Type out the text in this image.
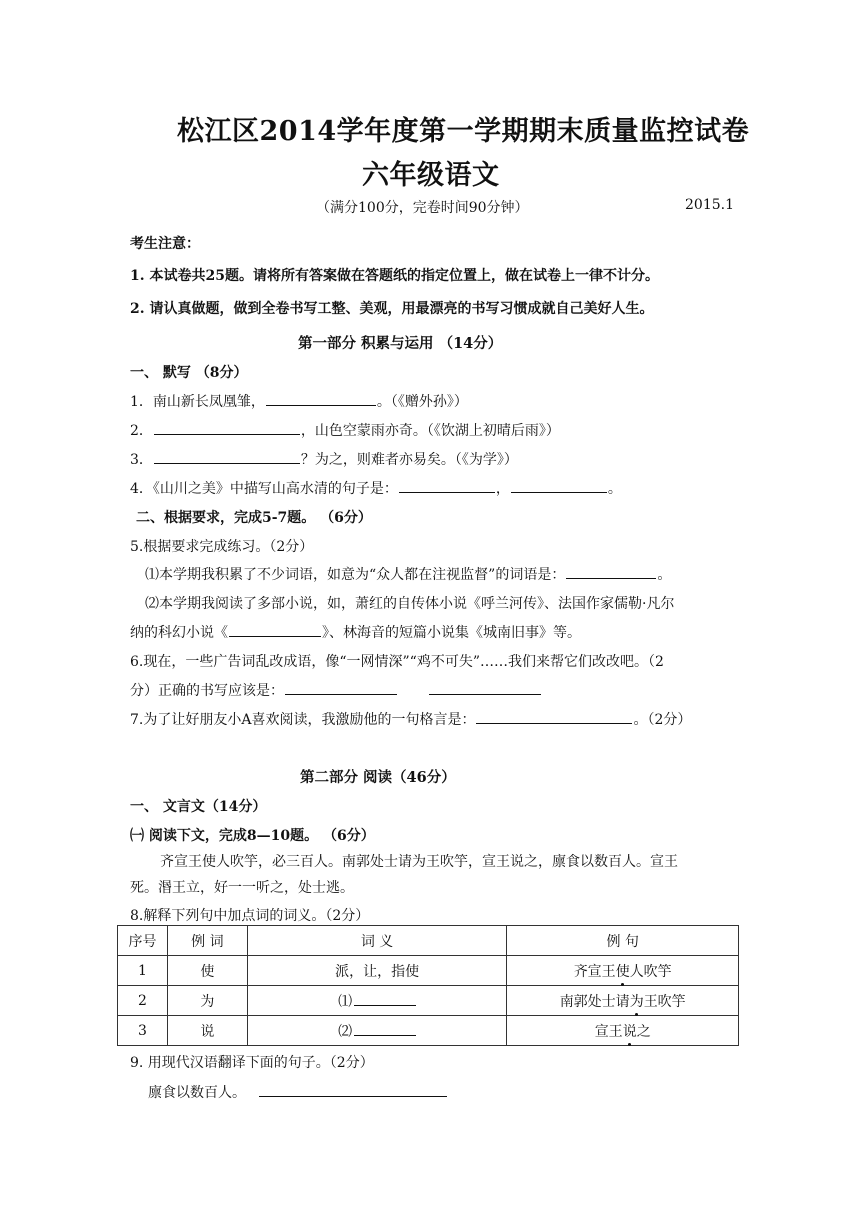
松江区2014学年度第一学期期末质量监控试卷
六年级语文
（满分100分，完卷时间90分钟）	2015.1
考生注意：
1. 本试卷共25题。请将所有答案做在答题纸的指定位置上，做在试卷上一律不计分。
2. 请认真做题，做到全卷书写工整、美观，用最漂亮的书写习惯成就自己美好人生。
第一部分 积累与运用 （14分）
一、 默写 （8分）
1．南山新长凤凰雏，	。（《赠外孙》）
2．	，山色空蒙雨亦奇。（《饮湖上初晴后雨》）
3．	？为之，则难者亦易矣。（《为学》）
4．《山川之美》中描写山高水清的句子是：	，	。
二、根据要求，完成5-7题。 （6分）
5.根据要求完成练习。（2分）
⑴本学期我积累了不少词语，如意为“众人都在注视监督”的词语是：	。
⑵本学期我阅读了多部小说，如，萧红的自传体小说《呼兰河传》、法国作家儒勒·凡尔
纳的科幻小说《	》、林海音的短篇小说集《城南旧事》等。
6.现在，一些广告词乱改成语，像“一网情深”“鸡不可失”……我们来帮它们改改吧。（2
分）正确的书写应该是：
7.为了让好朋友小A喜欢阅读，我激励他的一句格言是：	。（2分）
第二部分 阅读（46分）
一、 文言文（14分）
㈠ 阅读下文，完成8—10题。 （6分）
齐宣王使人吹竽，必三百人。南郭处士请为王吹竽，宣王说之，廪食以数百人。宣王
死。湣王立，好一一听之，处士逃。
8.解释下列句中加点词的词义。（2分）
序号	例 词	词 义	例 句
1	使	派，让，指使	齐宣王使人吹竽
2	为	⑴	南郭处士请为王吹竽
3	说	⑵	宣王说之
9. 用现代汉语翻译下面的句子。（2分）
廪食以数百人。
